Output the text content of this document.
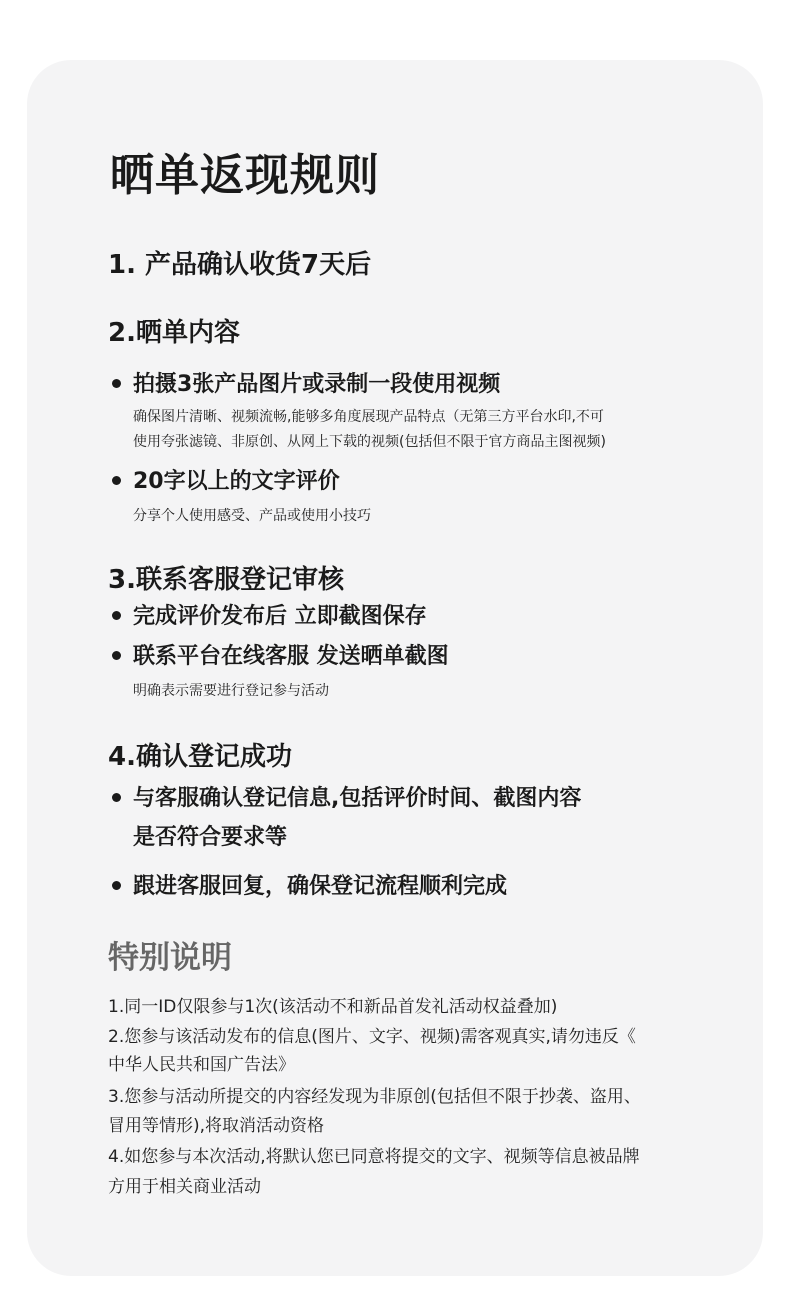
晒单返现规则
1. 产品确认收货7天后
2.晒单内容
拍摄3张产品图片或录制一段使用视频
确保图片清晰、视频流畅,能够多角度展现产品特点（无第三方平台水印,不可
使用夸张滤镜、非原创、从网上下载的视频(包括但不限于官方商品主图视频)
20字以上的文字评价
分享个人使用感受、产品或使用小技巧
3.联系客服登记审核
完成评价发布后 立即截图保存
联系平台在线客服 发送晒单截图
明确表示需要进行登记参与活动
4.确认登记成功
与客服确认登记信息,包括评价时间、截图内容
是否符合要求等
跟进客服回复，确保登记流程顺利完成
特别说明
1.同一ID仅限参与1次(该活动不和新品首发礼活动权益叠加)
2.您参与该活动发布的信息(图片、文字、视频)需客观真实,请勿违反《
中华人民共和国广告法》
3.您参与活动所提交的内容经发现为非原创(包括但不限于抄袭、盗用、
冒用等情形),将取消活动资格
4.如您参与本次活动,将默认您已同意将提交的文字、视频等信息被品牌
方用于相关商业活动
